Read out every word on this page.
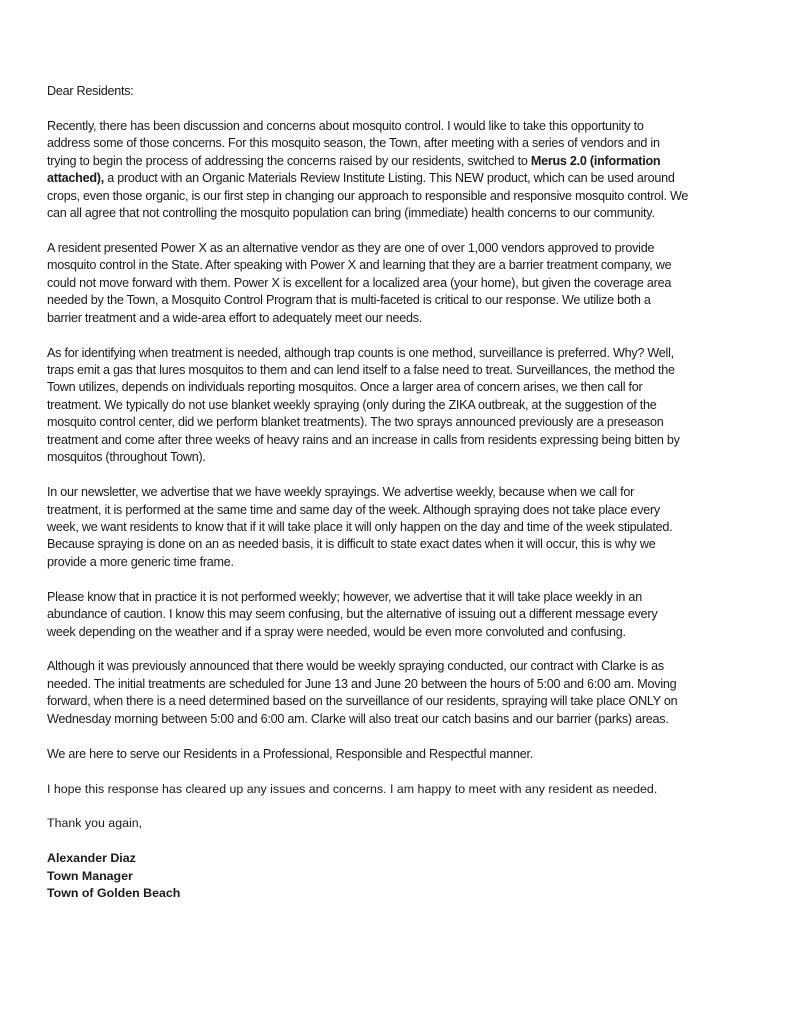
Dear Residents:
Recently, there has been discussion and concerns about mosquito control. I would like to take this opportunity to
address some of those concerns. For this mosquito season, the Town, after meeting with a series of vendors and in
trying to begin the process of addressing the concerns raised by our residents, switched to Merus 2.0 (information
attached), a product with an Organic Materials Review Institute Listing. This NEW product, which can be used around
crops, even those organic, is our first step in changing our approach to responsible and responsive mosquito control. We
can all agree that not controlling the mosquito population can bring (immediate) health concerns to our community.
A resident presented Power X as an alternative vendor as they are one of over 1,000 vendors approved to provide
mosquito control in the State. After speaking with Power X and learning that they are a barrier treatment company, we
could not move forward with them. Power X is excellent for a localized area (your home), but given the coverage area
needed by the Town, a Mosquito Control Program that is multi-faceted is critical to our response. We utilize both a
barrier treatment and a wide-area effort to adequately meet our needs.
As for identifying when treatment is needed, although trap counts is one method, surveillance is preferred. Why? Well,
traps emit a gas that lures mosquitos to them and can lend itself to a false need to treat. Surveillances, the method the
Town utilizes, depends on individuals reporting mosquitos. Once a larger area of concern arises, we then call for
treatment. We typically do not use blanket weekly spraying (only during the ZIKA outbreak, at the suggestion of the
mosquito control center, did we perform blanket treatments). The two sprays announced previously are a preseason
treatment and come after three weeks of heavy rains and an increase in calls from residents expressing being bitten by
mosquitos (throughout Town).
In our newsletter, we advertise that we have weekly sprayings. We advertise weekly, because when we call for
treatment, it is performed at the same time and same day of the week. Although spraying does not take place every
week, we want residents to know that if it will take place it will only happen on the day and time of the week stipulated.
Because spraying is done on an as needed basis, it is difficult to state exact dates when it will occur, this is why we
provide a more generic time frame.
Please know that in practice it is not performed weekly; however, we advertise that it will take place weekly in an
abundance of caution. I know this may seem confusing, but the alternative of issuing out a different message every
week depending on the weather and if a spray were needed, would be even more convoluted and confusing.
Although it was previously announced that there would be weekly spraying conducted, our contract with Clarke is as
needed. The initial treatments are scheduled for June 13 and June 20 between the hours of 5:00 and 6:00 am. Moving
forward, when there is a need determined based on the surveillance of our residents, spraying will take place ONLY on
Wednesday morning between 5:00 and 6:00 am. Clarke will also treat our catch basins and our barrier (parks) areas.
We are here to serve our Residents in a Professional, Responsible and Respectful manner.
I hope this response has cleared up any issues and concerns. I am happy to meet with any resident as needed.
Thank you again,
Alexander Diaz
Town Manager
Town of Golden Beach
